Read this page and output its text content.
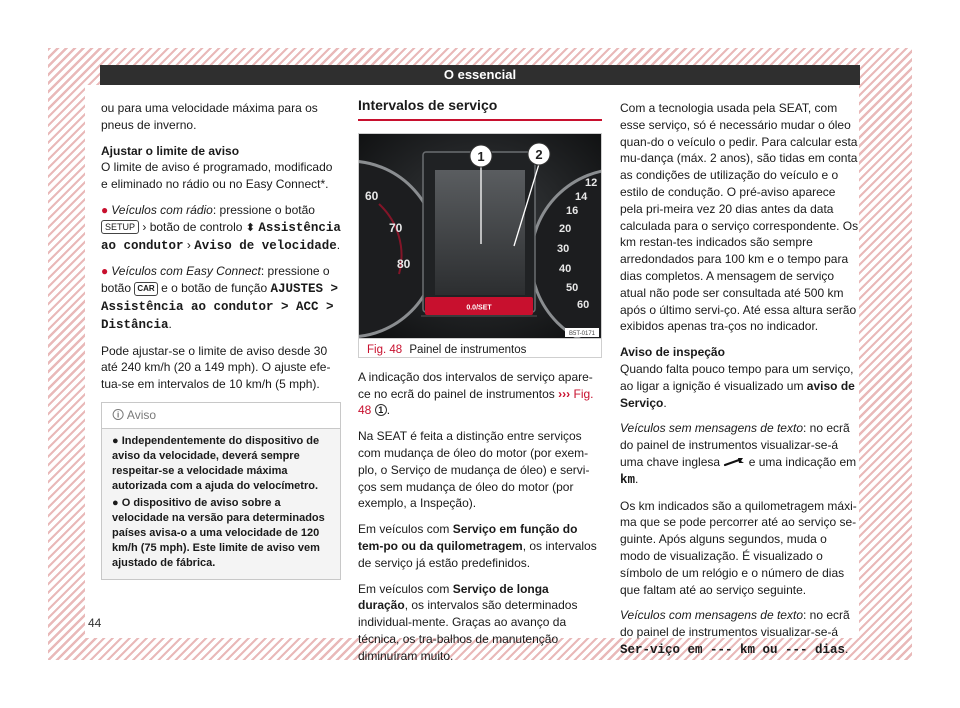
O essencial

ou para uma velocidade máxima para os pneus de inverno.

Ajustar o limite de aviso

O limite de aviso é programado, modificado e eliminado no rádio ou no Easy Connect*.

● Veículos com rádio: pressione o botão SETUP › botão de controlo ⬍ Assistência ao condutor › Aviso de velocidade.

● Veículos com Easy Connect: pressione o botão CAR e o botão de função AJUSTES > Assistência ao condutor > ACC > Distância.

Pode ajustar-se o limite de aviso desde 30 até 240 km/h (20 a 149 mph). O ajuste efe-tua-se em intervalos de 10 km/h (5 mph).

🛈 Aviso

● Independentemente do dispositivo de aviso da velocidade, deverá sempre respeitar-se a velocidade máxima autorizada com a ajuda do velocímetro.

● O dispositivo de aviso sobre a velocidade na versão para determinados países avisa-o a uma velocidade de 120 km/h (75 mph). Este limite de aviso vem ajustado de fábrica.

Intervalos de serviço
60
70
80
12
14
16
20
30
40
50
60
0.0/SET
1	2
B5T-0171
Fig. 48 Painel de instrumentos

A indicação dos intervalos de serviço apare-ce no ecrã do painel de instrumentos ››› Fig. 48 1 .

Na SEAT é feita a distinção entre serviços com mudança de óleo do motor (por exem-plo, o Serviço de mudança de óleo) e servi-ços sem mudança de óleo do motor (por exemplo, a Inspeção).

Em veículos com Serviço em função do tem-po ou da quilometragem, os intervalos de serviço já estão predefinidos.

Em veículos com Serviço de longa duração, os intervalos são determinados individual-mente. Graças ao avanço da técnica, os tra-balhos de manutenção diminuíram muito.

Com a tecnologia usada pela SEAT, com esse serviço, só é necessário mudar o óleo quan-do o veículo o pedir. Para calcular esta mu-dança (máx. 2 anos), são tidas em conta as condições de utilização do veículo e o estilo de condução. O pré-aviso aparece pela pri-meira vez 20 dias antes da data calculada para o serviço correspondente. Os km restan-tes indicados são sempre arredondados para 100 km e o tempo para dias completos. A mensagem de serviço atual não pode ser consultada até 500 km após o último servi-ço. Até essa altura serão exibidos apenas tra-ços no indicador.

Aviso de inspeção

Quando falta pouco tempo para um serviço, ao ligar a ignição é visualizado um aviso de Serviço.

Veículos sem mensagens de texto: no ecrã do painel de instrumentos visualizar-se-á uma chave inglesa e uma indicação em km.

Os km indicados são a quilometragem máxi-ma que se pode percorrer até ao serviço se-guinte. Após alguns segundos, muda o modo de visualização. É visualizado o símbolo de um relógio e o número de dias que faltam até ao serviço seguinte.

Veículos com mensagens de texto: no ecrã do painel de instrumentos visualizar-se-á Ser-viço em --- km ou --- dias.

44
